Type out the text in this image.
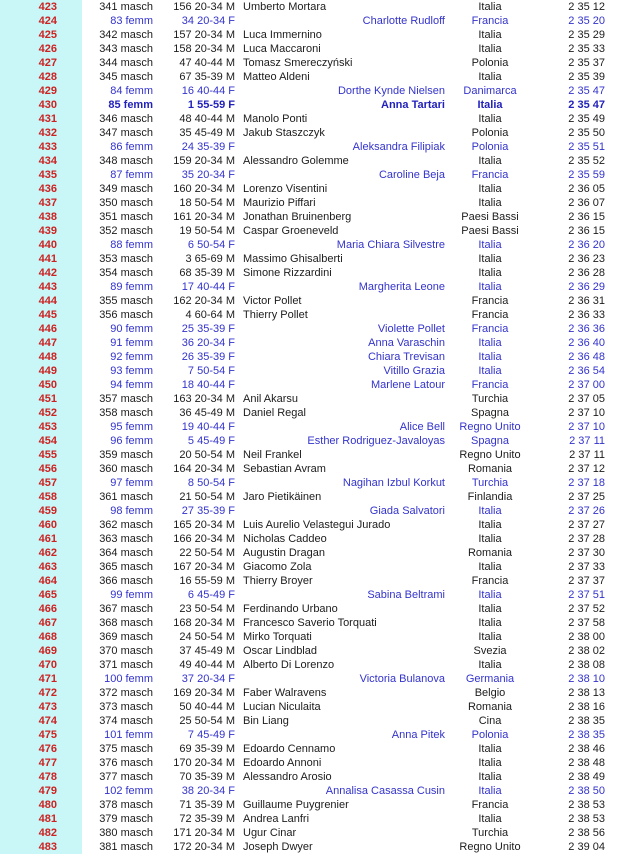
423	341 masch	156 20-34 M Umberto Mortara	Italia	2 35 12
424	83 femm	34 20-34 F	Charlotte Rudloff	Francia	2 35 20
425	342 masch	157 20-34 M Luca Immernino	Italia	2 35 29
426	343 masch	158 20-34 M Luca Maccaroni	Italia	2 35 33
427	344 masch	47 40-44 M Tomasz Smereczyński	Polonia	2 35 37
428	345 masch	67 35-39 M Matteo Aldeni	Italia	2 35 39
429	84 femm	16 40-44 F	Dorthe Kynde Nielsen	Danimarca	2 35 47
430	85 femm	1 55-59 F	Anna Tartari	Italia	2 35 47
431	346 masch	48 40-44 M Manolo Ponti	Italia	2 35 49
432	347 masch	35 45-49 M Jakub Staszczyk	Polonia	2 35 50
433	86 femm	24 35-39 F	Aleksandra Filipiak	Polonia	2 35 51
434	348 masch	159 20-34 M Alessandro Golemme	Italia	2 35 52
435	87 femm	35 20-34 F	Caroline Beja	Francia	2 35 59
436	349 masch	160 20-34 M Lorenzo Visentini	Italia	2 36 05
437	350 masch	18 50-54 M Maurizio Piffari	Italia	2 36 07
438	351 masch	161 20-34 M Jonathan Bruinenberg	Paesi Bassi	2 36 15
439	352 masch	19 50-54 M Caspar Groeneveld	Paesi Bassi	2 36 15
440	88 femm	6 50-54 F	Maria Chiara Silvestre	Italia	2 36 20
441	353 masch	3 65-69 M Massimo Ghisalberti	Italia	2 36 23
442	354 masch	68 35-39 M Simone Rizzardini	Italia	2 36 28
443	89 femm	17 40-44 F	Margherita Leone	Italia	2 36 29
444	355 masch	162 20-34 M Victor Pollet	Francia	2 36 31
445	356 masch	4 60-64 M Thierry Pollet	Francia	2 36 33
446	90 femm	25 35-39 F	Violette Pollet	Francia	2 36 36
447	91 femm	36 20-34 F	Anna Varaschin	Italia	2 36 40
448	92 femm	26 35-39 F	Chiara Trevisan	Italia	2 36 48
449	93 femm	7 50-54 F	Vitillo Grazia	Italia	2 36 54
450	94 femm	18 40-44 F	Marlene Latour	Francia	2 37 00
451	357 masch	163 20-34 M Anil Akarsu	Turchia	2 37 05
452	358 masch	36 45-49 M Daniel Regal	Spagna	2 37 10
453	95 femm	19 40-44 F	Alice Bell	Regno Unito	2 37 10
454	96 femm	5 45-49 F	Esther Rodriguez-Javaloyas	Spagna	2 37 11
455	359 masch	20 50-54 M Neil Frankel	Regno Unito	2 37 11
456	360 masch	164 20-34 M Sebastian Avram	Romania	2 37 12
457	97 femm	8 50-54 F	Nagihan Izbul Korkut	Turchia	2 37 18
458	361 masch	21 50-54 M Jaro Pietikäinen	Finlandia	2 37 25
459	98 femm	27 35-39 F	Giada Salvatori	Italia	2 37 26
460	362 masch	165 20-34 M Luis Aurelio Velastegui Jurado	Italia	2 37 27
461	363 masch	166 20-34 M Nicholas Caddeo	Italia	2 37 28
462	364 masch	22 50-54 M Augustin Dragan	Romania	2 37 30
463	365 masch	167 20-34 M Giacomo Zola	Italia	2 37 33
464	366 masch	16 55-59 M Thierry Broyer	Francia	2 37 37
465	99 femm	6 45-49 F	Sabina Beltrami	Italia	2 37 51
466	367 masch	23 50-54 M Ferdinando Urbano	Italia	2 37 52
467	368 masch	168 20-34 M Francesco Saverio Torquati	Italia	2 37 58
468	369 masch	24 50-54 M Mirko Torquati	Italia	2 38 00
469	370 masch	37 45-49 M Oscar Lindblad	Svezia	2 38 02
470	371 masch	49 40-44 M Alberto Di Lorenzo	Italia	2 38 08
471	100 femm	37 20-34 F	Victoria Bulanova	Germania	2 38 10
472	372 masch	169 20-34 M Faber Walravens	Belgio	2 38 13
473	373 masch	50 40-44 M Lucian Niculaita	Romania	2 38 16
474	374 masch	25 50-54 M Bin Liang	Cina	2 38 35
475	101 femm	7 45-49 F	Anna Pitek	Polonia	2 38 35
476	375 masch	69 35-39 M Edoardo Cennamo	Italia	2 38 46
477	376 masch	170 20-34 M Edoardo Annoni	Italia	2 38 48
478	377 masch	70 35-39 M Alessandro Arosio	Italia	2 38 49
479	102 femm	38 20-34 F	Annalisa Casassa Cusin	Italia	2 38 50
480	378 masch	71 35-39 M Guillaume Puygrenier	Francia	2 38 53
481	379 masch	72 35-39 M Andrea Lanfri	Italia	2 38 53
482	380 masch	171 20-34 M Ugur Cinar	Turchia	2 38 56
483	381 masch	172 20-34 M Joseph Dwyer	Regno Unito	2 39 04
